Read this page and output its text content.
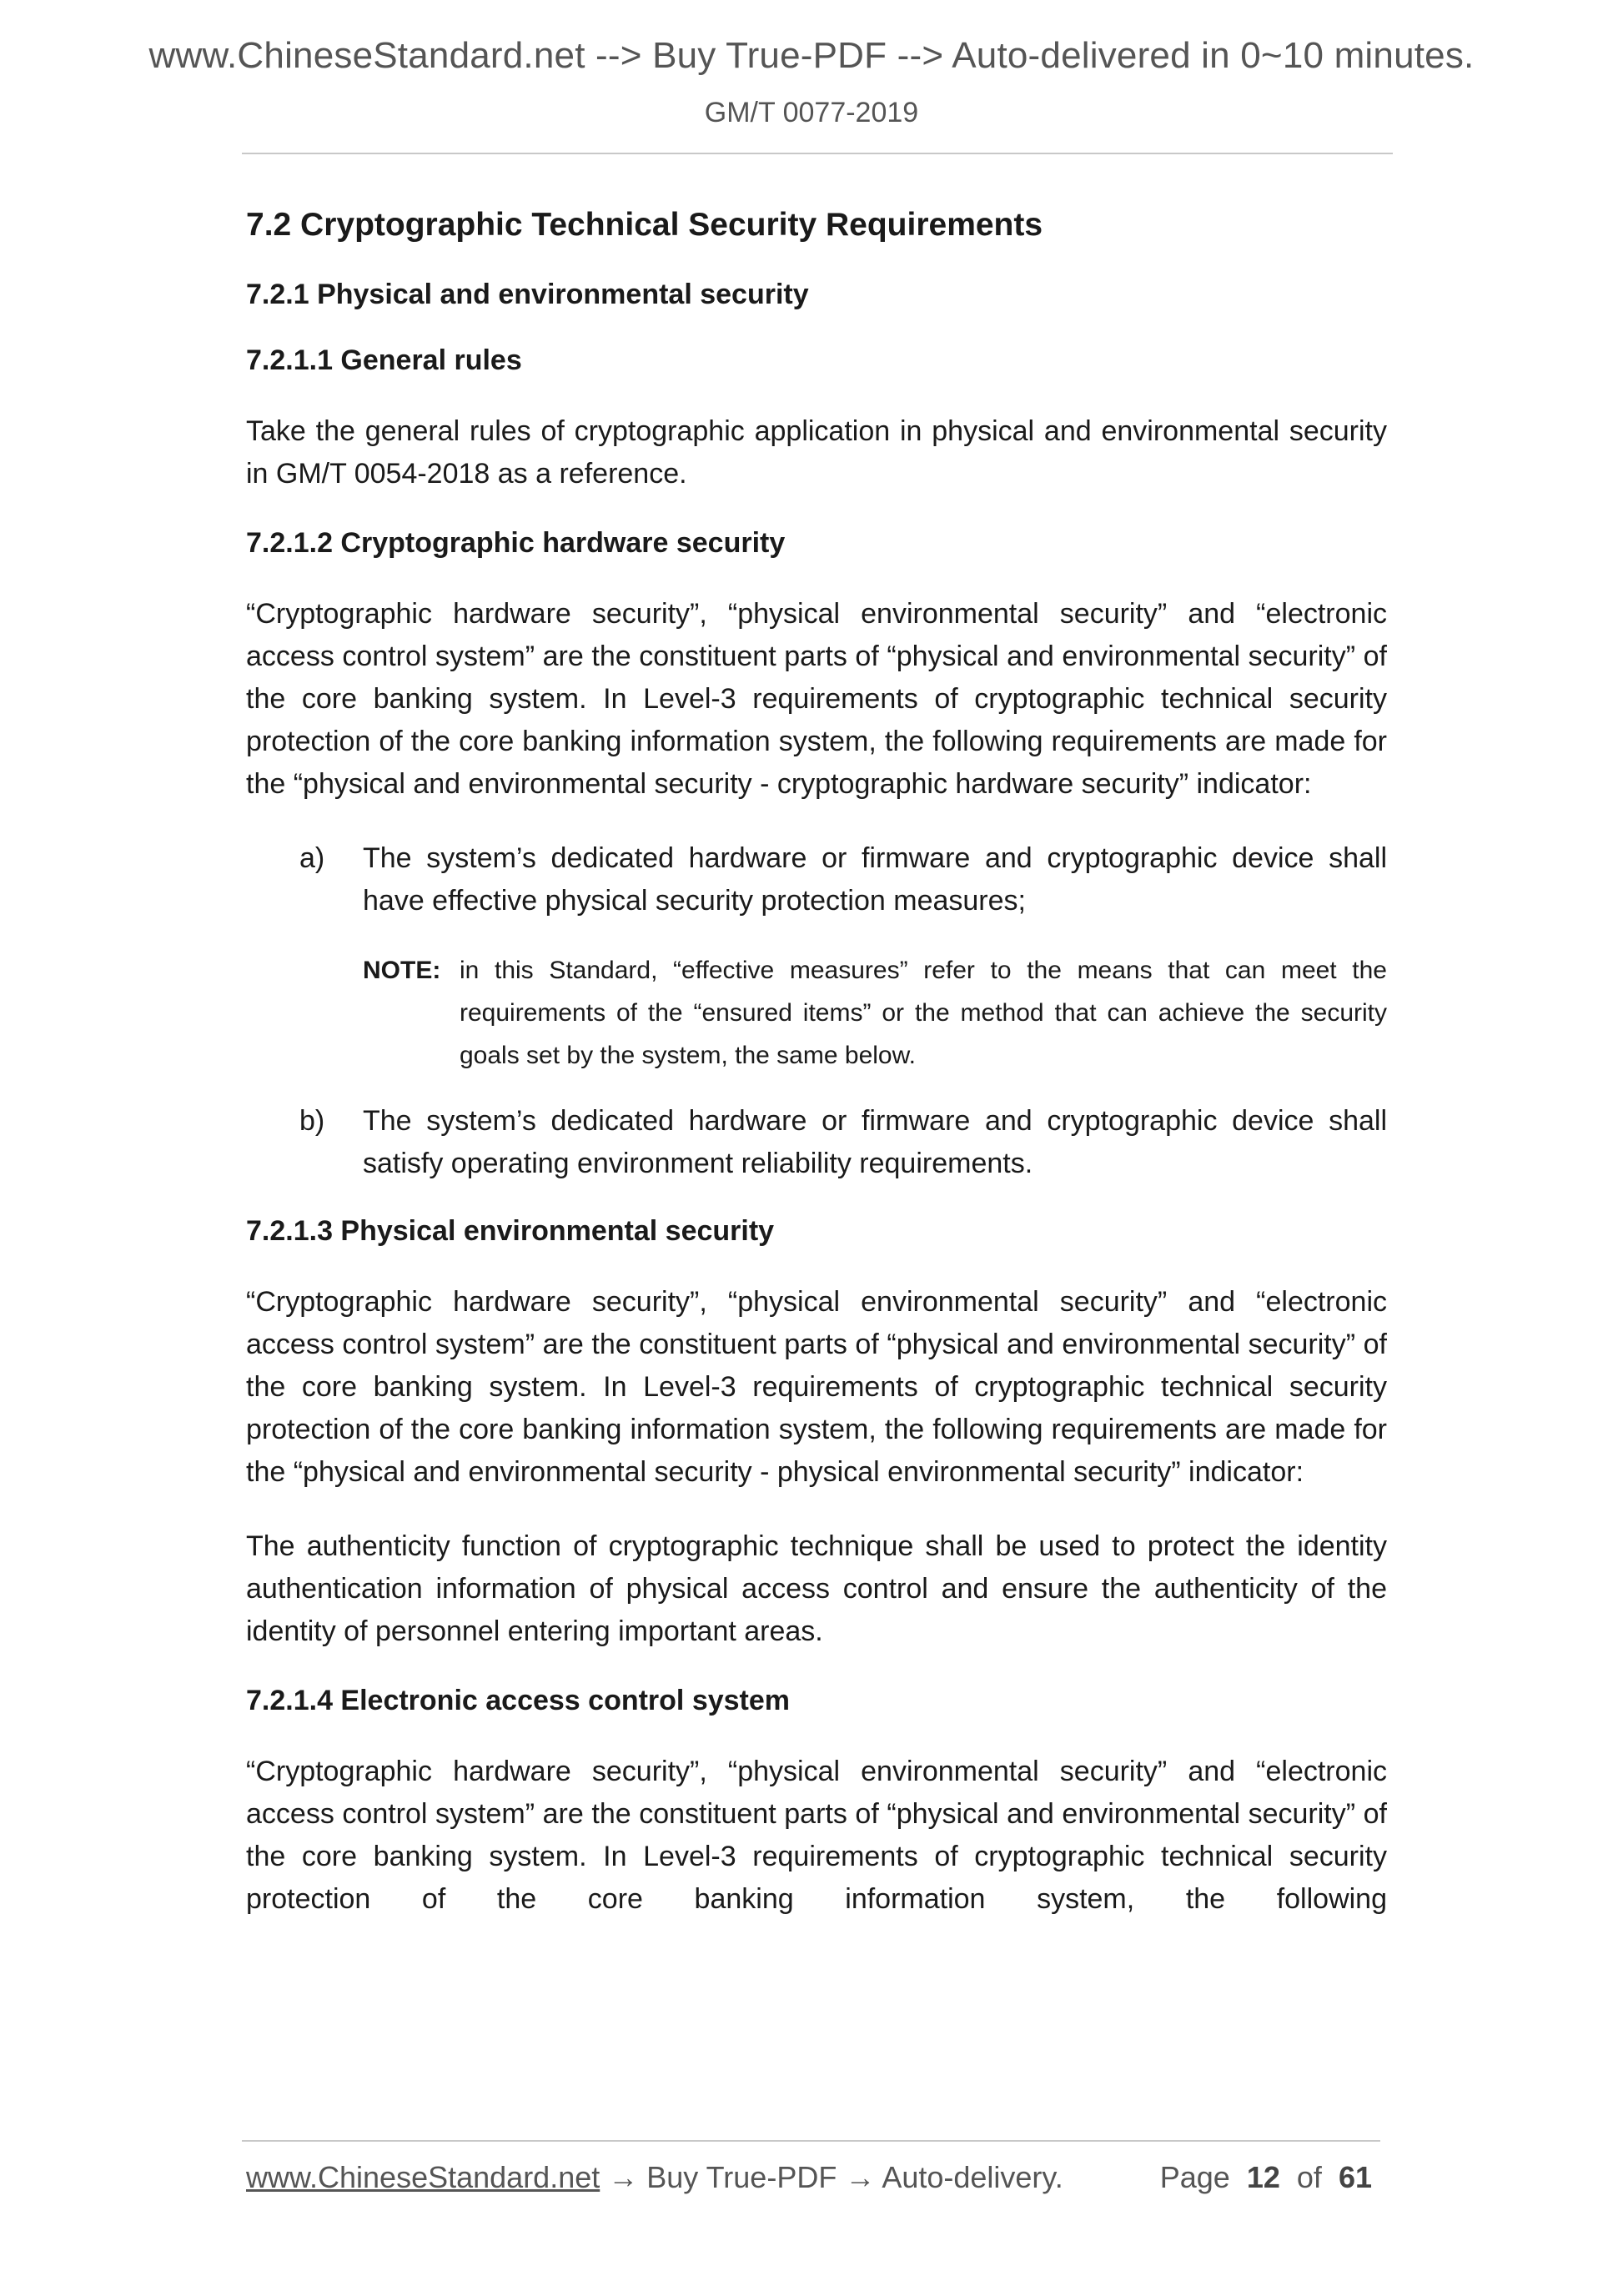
www.ChineseStandard.net --> Buy True-PDF --> Auto-delivered in 0~10 minutes.
GM/T 0077-2019
7.2 Cryptographic Technical Security Requirements
7.2.1 Physical and environmental security
7.2.1.1 General rules
Take the general rules of cryptographic application in physical and environmental security in GM/T 0054-2018 as a reference.
7.2.1.2 Cryptographic hardware security
“Cryptographic hardware security”, “physical environmental security” and “electronic access control system” are the constituent parts of “physical and environmental security” of the core banking system. In Level-3 requirements of cryptographic technical security protection of the core banking information system, the following requirements are made for the “physical and environmental security - cryptographic hardware security” indicator:
a) The system’s dedicated hardware or firmware and cryptographic device shall have effective physical security protection measures;
NOTE: in this Standard, “effective measures” refer to the means that can meet the requirements of the “ensured items” or the method that can achieve the security goals set by the system, the same below.
b) The system’s dedicated hardware or firmware and cryptographic device shall satisfy operating environment reliability requirements.
7.2.1.3 Physical environmental security
“Cryptographic hardware security”, “physical environmental security” and “electronic access control system” are the constituent parts of “physical and environmental security” of the core banking system. In Level-3 requirements of cryptographic technical security protection of the core banking information system, the following requirements are made for the “physical and environmental security - physical environmental security” indicator:
The authenticity function of cryptographic technique shall be used to protect the identity authentication information of physical access control and ensure the authenticity of the identity of personnel entering important areas.
7.2.1.4 Electronic access control system
“Cryptographic hardware security”, “physical environmental security” and “electronic access control system” are the constituent parts of “physical and environmental security” of the core banking system. In Level-3 requirements of cryptographic technical security protection of the core banking information system, the following
www.ChineseStandard.net → Buy True-PDF → Auto-delivery.	Page 12 of 61
